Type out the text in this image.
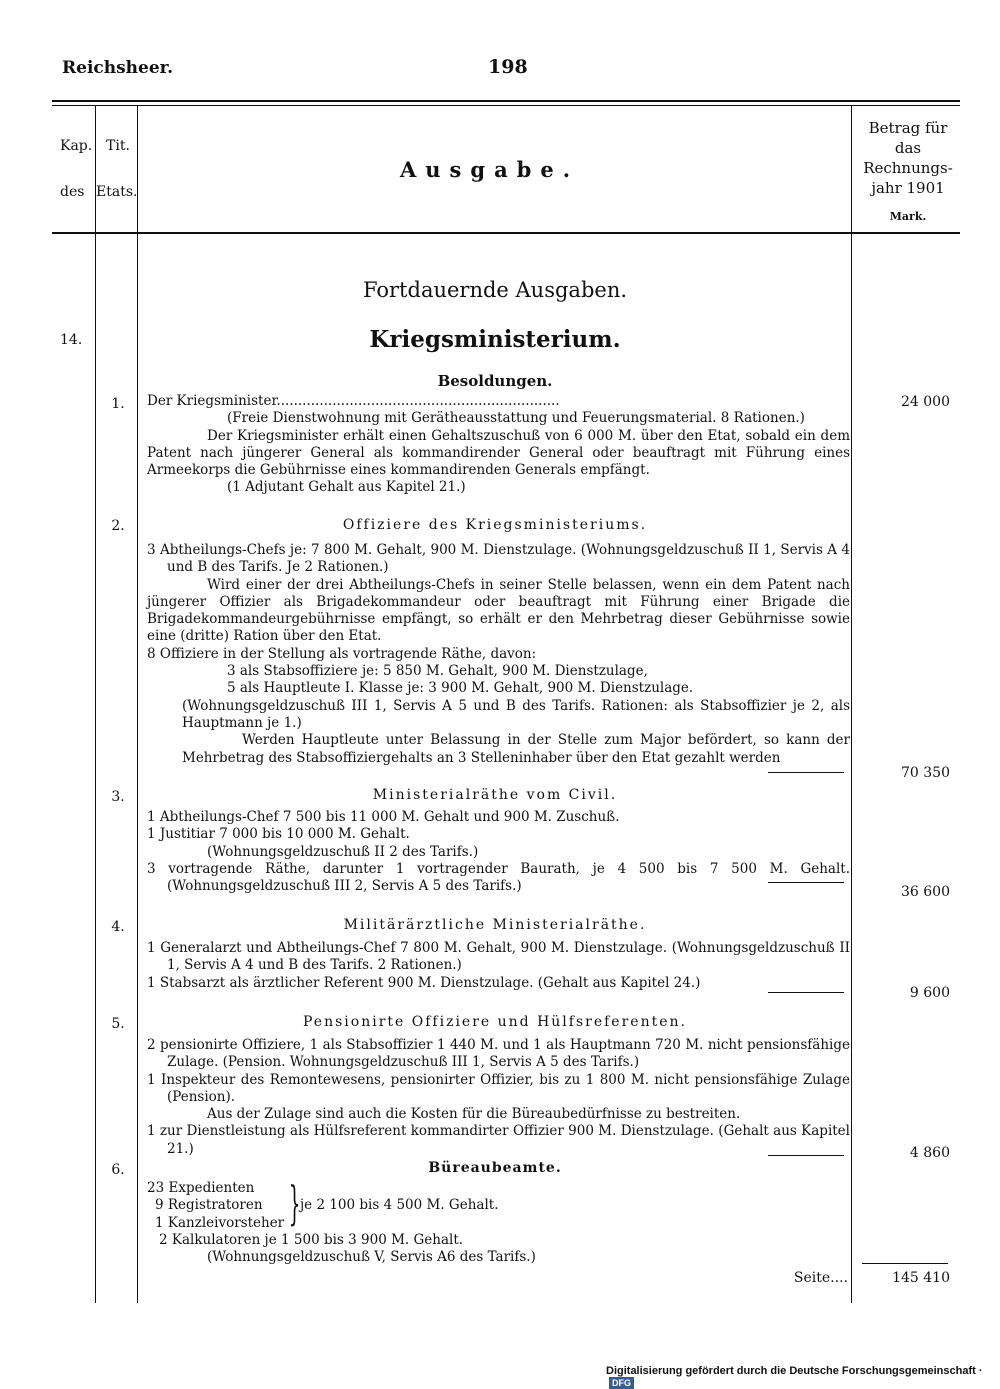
Reichsheer.	198
Kap. Tit.
des Etats.
Ausgabe.
Betrag für das Rechnungs-jahr 1901
Mark.
Fortdauernde Ausgaben.
14.	Kriegsministerium.
Besoldungen.
1.	Der Kriegsminister..................................................................

(Freie Dienstwohnung mit Gerätheausstattung und Feuerungsmaterial. 8 Rationen.)

Der Kriegsminister erhält einen Gehaltszuschuß von 6 000 M. über den Etat, sobald ein dem Patent nach jüngerer General als kommandirender General oder beauftragt mit Führung eines Armeekorps die Gebührnisse eines kommandirenden Generals empfängt.

(1 Adjutant Gehalt aus Kapitel 21.)

24 000
2.	Offiziere des Kriegsministeriums.

3 Abtheilungs-Chefs je: 7 800 M. Gehalt, 900 M. Dienstzulage. (Wohnungsgeldzuschuß II 1, Servis A 4 und B des Tarifs. Je 2 Rationen.)

Wird einer der drei Abtheilungs-Chefs in seiner Stelle belassen, wenn ein dem Patent nach jüngerer Offizier als Brigadekommandeur oder beauftragt mit Führung einer Brigade die Brigadekommandeurgebührnisse empfängt, so erhält er den Mehrbetrag dieser Gebührnisse sowie eine (dritte) Ration über den Etat.

8 Offiziere in der Stellung als vortragende Räthe, davon:

3 als Stabsoffiziere je: 5 850 M. Gehalt, 900 M. Dienstzulage,

5 als Hauptleute I. Klasse je: 3 900 M. Gehalt, 900 M. Dienstzulage.

(Wohnungsgeldzuschuß III 1, Servis A 5 und B des Tarifs. Rationen: als Stabsoffizier je 2, als Hauptmann je 1.)

Werden Hauptleute unter Belassung in der Stelle zum Major befördert, so kann der Mehrbetrag des Stabsoffiziergehalts an 3 Stelleninhaber über den Etat gezahlt werden

70 350
3.	Ministerialräthe vom Civil.

1 Abtheilungs-Chef 7 500 bis 11 000 M. Gehalt und 900 M. Zuschuß.

1 Justitiar 7 000 bis 10 000 M. Gehalt.

(Wohnungsgeldzuschuß II 2 des Tarifs.)

3 vortragende Räthe, darunter 1 vortragender Baurath, je 4 500 bis 7 500 M. Gehalt. (Wohnungsgeldzuschuß III 2, Servis A 5 des Tarifs.)	36 600
4.	Militärärztliche Ministerialräthe.

1 Generalarzt und Abtheilungs-Chef 7 800 M. Gehalt, 900 M. Dienstzulage. (Wohnungsgeldzuschuß II 1, Servis A 4 und B des Tarifs. 2 Rationen.)

1 Stabsarzt als ärztlicher Referent 900 M. Dienstzulage. (Gehalt aus Kapitel 24.)

9 600
5.	Pensionirte Offiziere und Hülfsreferenten.

2 pensionirte Offiziere, 1 als Stabsoffizier 1 440 M. und 1 als Hauptmann 720 M. nicht pensionsfähige Zulage. (Pension. Wohnungsgeldzuschuß III 1, Servis A 5 des Tarifs.)

1 Inspekteur des Remontewesens, pensionirter Offizier, bis zu 1 800 M. nicht pensionsfähige Zulage (Pension).

Aus der Zulage sind auch die Kosten für die Büreaubedürfnisse zu bestreiten.

1 zur Dienstleistung als Hülfsreferent kommandirter Offizier 900 M. Dienstzulage. (Gehalt aus Kapitel 21.)	4 860
6.	Büreaubeamte.
23 Expedienten
9 Registratoren
1 Kanzleivorsteher } je 2 100 bis 4 500 M. Gehalt.

2 Kalkulatoren je 1 500 bis 3 900 M. Gehalt.

(Wohnungsgeldzuschuß V, Servis A6 des Tarifs.)

Seite....	145 410
Digitalisierung gefördert durch die Deutsche Forschungsgemeinschaft ·DFG
